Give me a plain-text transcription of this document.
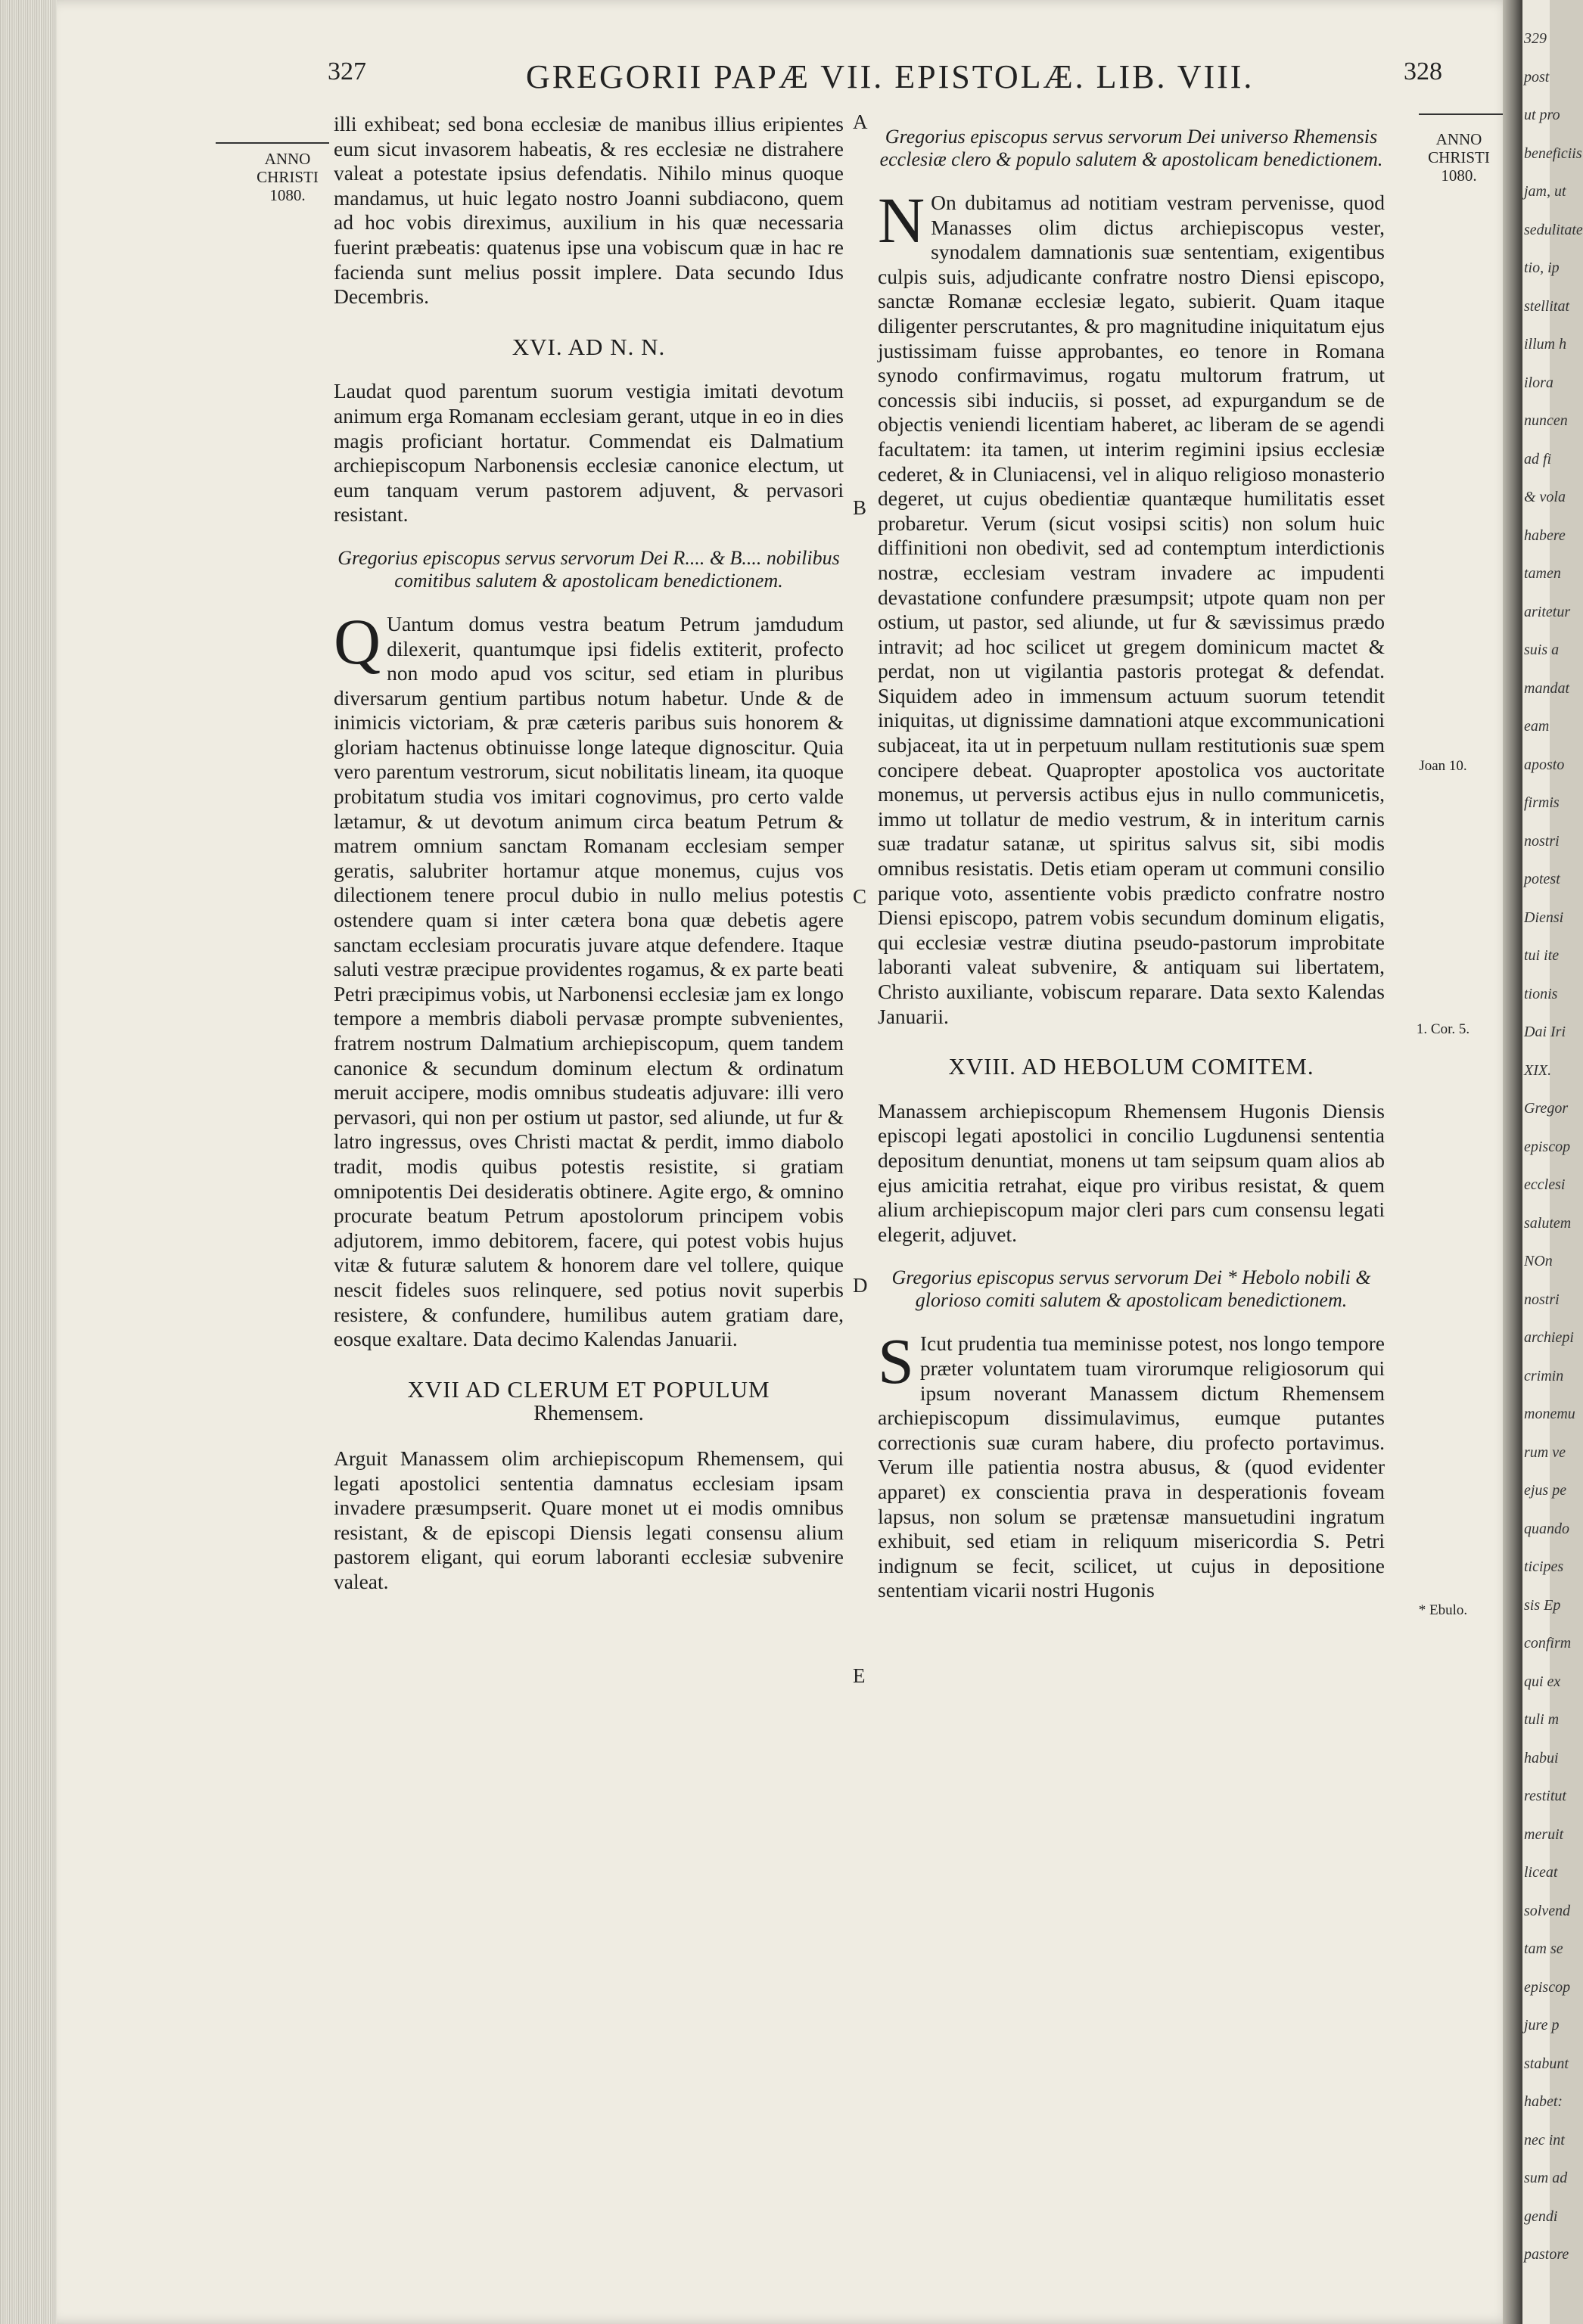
327	GREGORII PAPÆ VII. EPISTOLÆ. LIB. VIII.	328
ANNO CHRISTI 1080.
ANNO CHRISTI 1080.
Joan 10.
1. Cor. 5.
* Ebulo.
A
B
C
D
E

illi exhibeat; sed bona ecclesiæ de manibus illius eripientes eum sicut invasorem habeatis, & res ecclesiæ ne distrahere valeat a potestate ipsius defendatis. Nihilo minus quoque mandamus, ut huic legato nostro Joanni subdiacono, quem ad hoc vobis direximus, auxilium in his quæ necessaria fuerint præbeatis: quatenus ipse una vobiscum quæ in hac re facienda sunt melius possit implere. Data secundo Idus Decembris.

XVI. AD N. N.

Laudat quod parentum suorum vestigia imitati devotum animum erga Romanam ecclesiam gerant, utque in eo in dies magis proficiant hortatur. Commendat eis Dalmatium archiepiscopum Narbonensis ecclesiæ canonice electum, ut eum tanquam verum pastorem adjuvent, & pervasori resistant.

Gregorius episcopus servus servorum Dei R.... & B.... nobilibus comitibus salutem & apostolicam benedictionem.

QUantum domus vestra beatum Petrum jamdudum dilexerit, quantumque ipsi fidelis extiterit, profecto non modo apud vos scitur, sed etiam in pluribus diversarum gentium partibus notum habetur. Unde & de inimicis victoriam, & præ cæteris paribus suis honorem & gloriam hactenus obtinuisse longe lateque dignoscitur. Quia vero parentum vestrorum, sicut nobilitatis lineam, ita quoque probitatum studia vos imitari cognovimus, pro certo valde lætamur, & ut devotum animum circa beatum Petrum & matrem omnium sanctam Romanam ecclesiam semper geratis, salubriter hortamur atque monemus, cujus vos dilectionem tenere procul dubio in nullo melius potestis ostendere quam si inter cætera bona quæ debetis agere sanctam ecclesiam procuratis juvare atque defendere. Itaque saluti vestræ præcipue providentes rogamus, & ex parte beati Petri præcipimus vobis, ut Narbonensi ecclesiæ jam ex longo tempore a membris diaboli pervasæ prompte subvenientes, fratrem nostrum Dalmatium archiepiscopum, quem tandem canonice & secundum dominum electum & ordinatum meruit accipere, modis omnibus studeatis adjuvare: illi vero pervasori, qui non per ostium ut pastor, sed aliunde, ut fur & latro ingressus, oves Christi mactat & perdit, immo diabolo tradit, modis quibus potestis resistite, si gratiam omnipotentis Dei desideratis obtinere. Agite ergo, & omnino procurate beatum Petrum apostolorum principem vobis adjutorem, immo debitorem, facere, qui potest vobis hujus vitæ & futuræ salutem & honorem dare vel tollere, quique nescit fideles suos relinquere, sed potius novit superbis resistere, & confundere, humilibus autem gratiam dare, eosque exaltare. Data decimo Kalendas Januarii.

XVII AD CLERUM ET POPULUM
Rhemensem.

Arguit Manassem olim archiepiscopum Rhemensem, qui legati apostolici sententia damnatus ecclesiam ipsam invadere præsumpserit. Quare monet ut ei modis omnibus resistant, & de episcopi Diensis legati consensu alium pastorem eligant, qui eorum laboranti ecclesiæ subvenire valeat.

Gregorius episcopus servus servorum Dei universo Rhemensis ecclesiæ clero & populo salutem & apostolicam benedictionem.

NOn dubitamus ad notitiam vestram pervenisse, quod Manasses olim dictus archiepiscopus vester, synodalem damnationis suæ sententiam, exigentibus culpis suis, adjudicante confratre nostro Diensi episcopo, sanctæ Romanæ ecclesiæ legato, subierit. Quam itaque diligenter perscrutantes, & pro magnitudine iniquitatum ejus justissimam fuisse approbantes, eo tenore in Romana synodo confirmavimus, rogatu multorum fratrum, ut concessis sibi induciis, si posset, ad expurgandum se de objectis veniendi licentiam haberet, ac liberam de se agendi facultatem: ita tamen, ut interim regimini ipsius ecclesiæ cederet, & in Cluniacensi, vel in aliquo religioso monasterio degeret, ut cujus obedientiæ quantæque humilitatis esset probaretur. Verum (sicut vosipsi scitis) non solum huic diffinitioni non obedivit, sed ad contemptum interdictionis nostræ, ecclesiam vestram invadere ac impudenti devastatione confundere præsumpsit; utpote quam non per ostium, ut pastor, sed aliunde, ut fur & sævissimus prædo intravit; ad hoc scilicet ut gregem dominicum mactet & perdat, non ut vigilantia pastoris protegat & defendat. Siquidem adeo in immensum actuum suorum tetendit iniquitas, ut dignissime damnationi atque excommunicationi subjaceat, ita ut in perpetuum nullam restitutionis suæ spem concipere debeat. Quapropter apostolica vos auctoritate monemus, ut perversis actibus ejus in nullo communicetis, immo ut tollatur de medio vestrum, & in interitum carnis suæ tradatur satanæ, ut spiritus salvus sit, sibi modis omnibus resistatis. Detis etiam operam ut communi consilio parique voto, assentiente vobis prædicto confratre nostro Diensi episcopo, patrem vobis secundum dominum eligatis, qui ecclesiæ vestræ diutina pseudo-pastorum improbitate laboranti valeat subvenire, & antiquam sui libertatem, Christo auxiliante, vobiscum reparare. Data sexto Kalendas Januarii.

XVIII. AD HEBOLUM COMITEM.

Manassem archiepiscopum Rhemensem Hugonis Diensis episcopi legati apostolici in concilio Lugdunensi sententia depositum denuntiat, monens ut tam seipsum quam alios ab ejus amicitia retrahat, eique pro viribus resistat, & quem alium archiepiscopum major cleri pars cum consensu legati elegerit, adjuvet.

Gregorius episcopus servus servorum Dei * Hebolo nobili & glorioso comiti salutem & apostolicam benedictionem.

SIcut prudentia tua meminisse potest, nos longo tempore præter voluntatem tuam virorumque religiosorum qui ipsum noverant Manassem dictum Rhemensem archiepiscopum dissimulavimus, eumque putantes correctionis suæ curam habere, diu profecto portavimus. Verum ille patientia nostra abusus, & (quod evidenter apparet) ex conscientia prava in desperationis foveam lapsus, non solum se prætensæ mansuetudini ingratum exhibuit, sed etiam in reliquum misericordia S. Petri indignum se fecit, scilicet, ut cujus in depositione sententiam vicarii nostri Hugonis

329
post
ut pro
beneficiis
jam, ut
sedulitate
tio, ip
stellitat
illum h
ilora
nuncen
ad fi
& vola
habere
tamen
aritetur
suis a
mandat
eam
aposto
firmis
nostri
potest
Diensi
tui ite
tionis
Dai Iri
XIX.
Gregor
episcop
ecclesi
salutem
NOn
nostri
archiepi
crimin
monemu
rum ve
ejus pe
quando
ticipes
sis Ep
confirm
qui ex
tuli m
habui
restitut
meruit
liceat
solvend
tam se
episcop
jure p
stabunt
habet:
nec int
sum ad
gendi
pastore
